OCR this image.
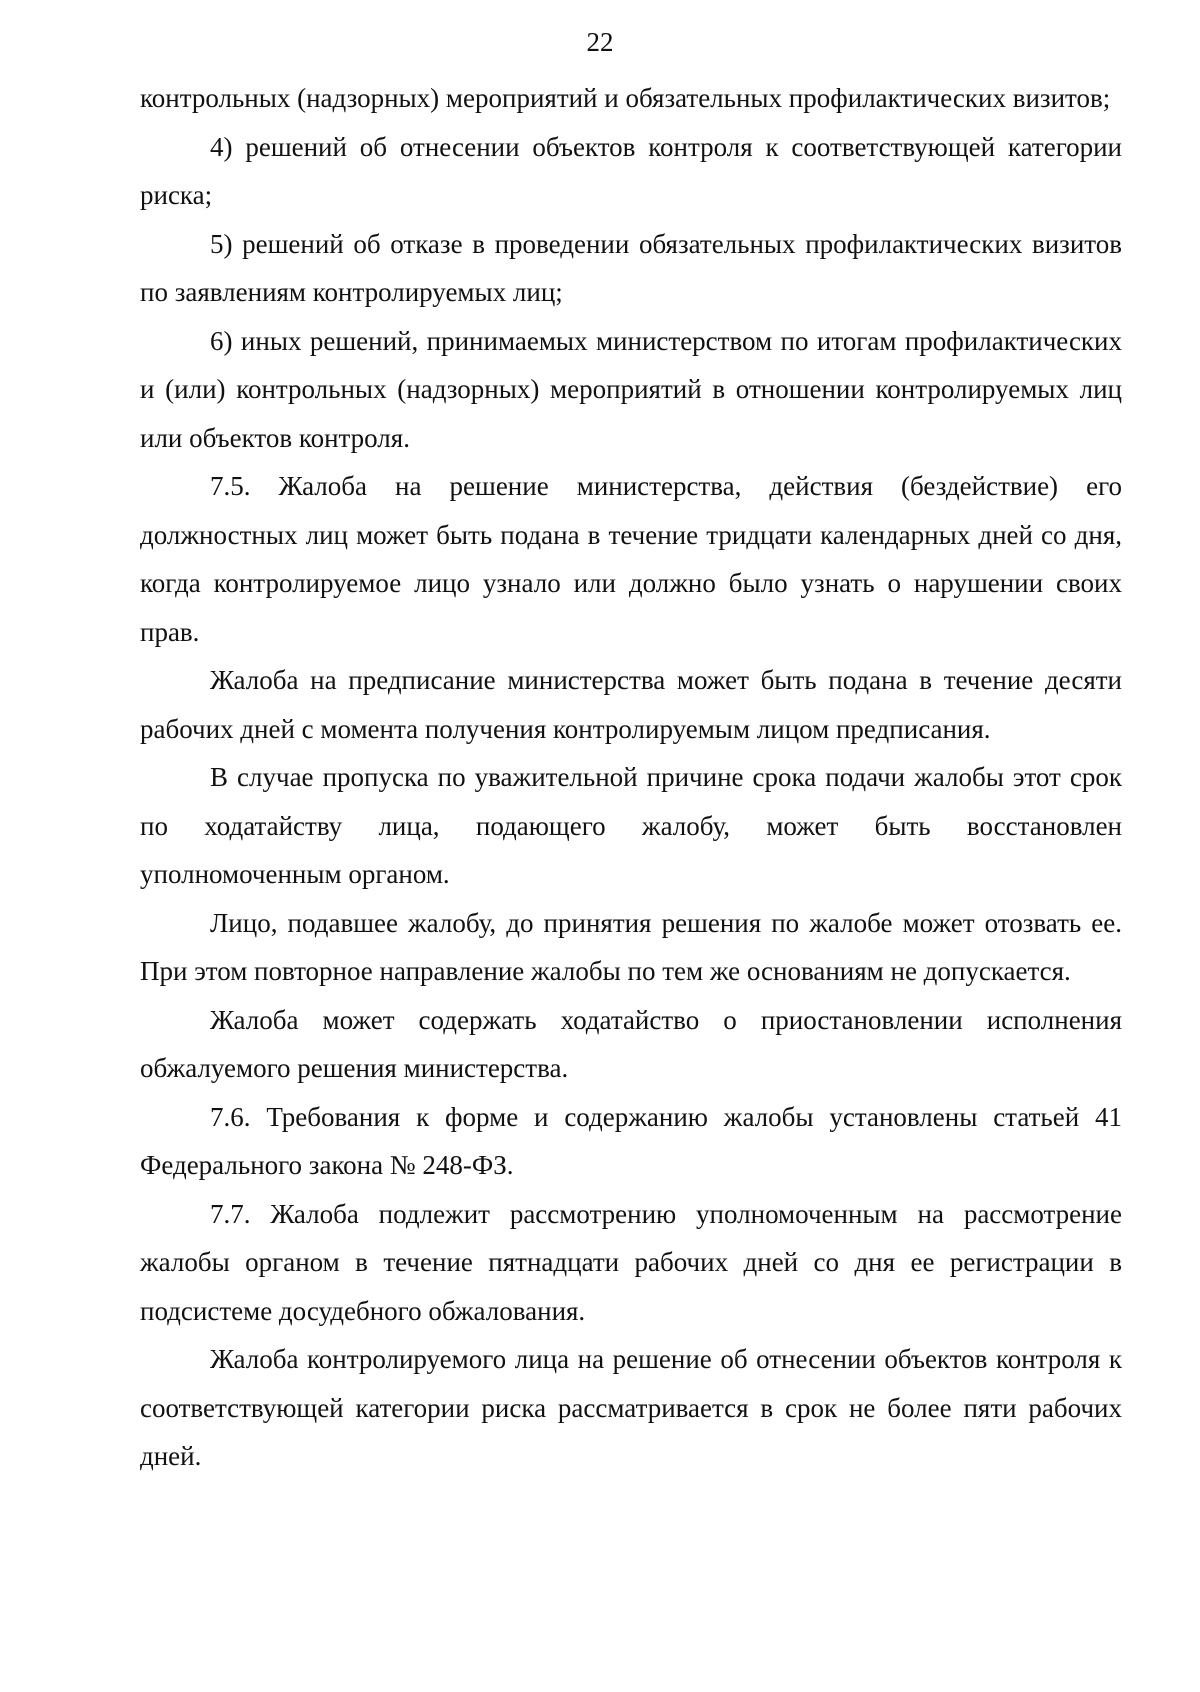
22

контрольных (надзорных) мероприятий и обязательных профилактических визитов;

4) решений об отнесении объектов контроля к соответствующей категории риска;

5) решений об отказе в проведении обязательных профилактических визитов по заявлениям контролируемых лиц;

6) иных решений, принимаемых министерством по итогам профилактических и (или) контрольных (надзорных) мероприятий в отношении контролируемых лиц или объектов контроля.

7.5. Жалоба на решение министерства, действия (бездействие) его должностных лиц может быть подана в течение тридцати календарных дней со дня, когда контролируемое лицо узнало или должно было узнать о нарушении своих прав.

Жалоба на предписание министерства может быть подана в течение десяти рабочих дней с момента получения контролируемым лицом предписания.

В случае пропуска по уважительной причине срока подачи жалобы этот срок по ходатайству лица, подающего жалобу, может быть восстановлен уполномоченным органом.

Лицо, подавшее жалобу, до принятия решения по жалобе может отозвать ее. При этом повторное направление жалобы по тем же основаниям не допускается.

Жалоба может содержать ходатайство о приостановлении исполнения обжалуемого решения министерства.

7.6. Требования к форме и содержанию жалобы установлены статьей 41 Федерального закона № 248-ФЗ.

7.7. Жалоба подлежит рассмотрению уполномоченным на рассмотрение жалобы органом в течение пятнадцати рабочих дней со дня ее регистрации в подсистеме досудебного обжалования.

Жалоба контролируемого лица на решение об отнесении объектов контроля к соответствующей категории риска рассматривается в срок не более пяти рабочих дней.
